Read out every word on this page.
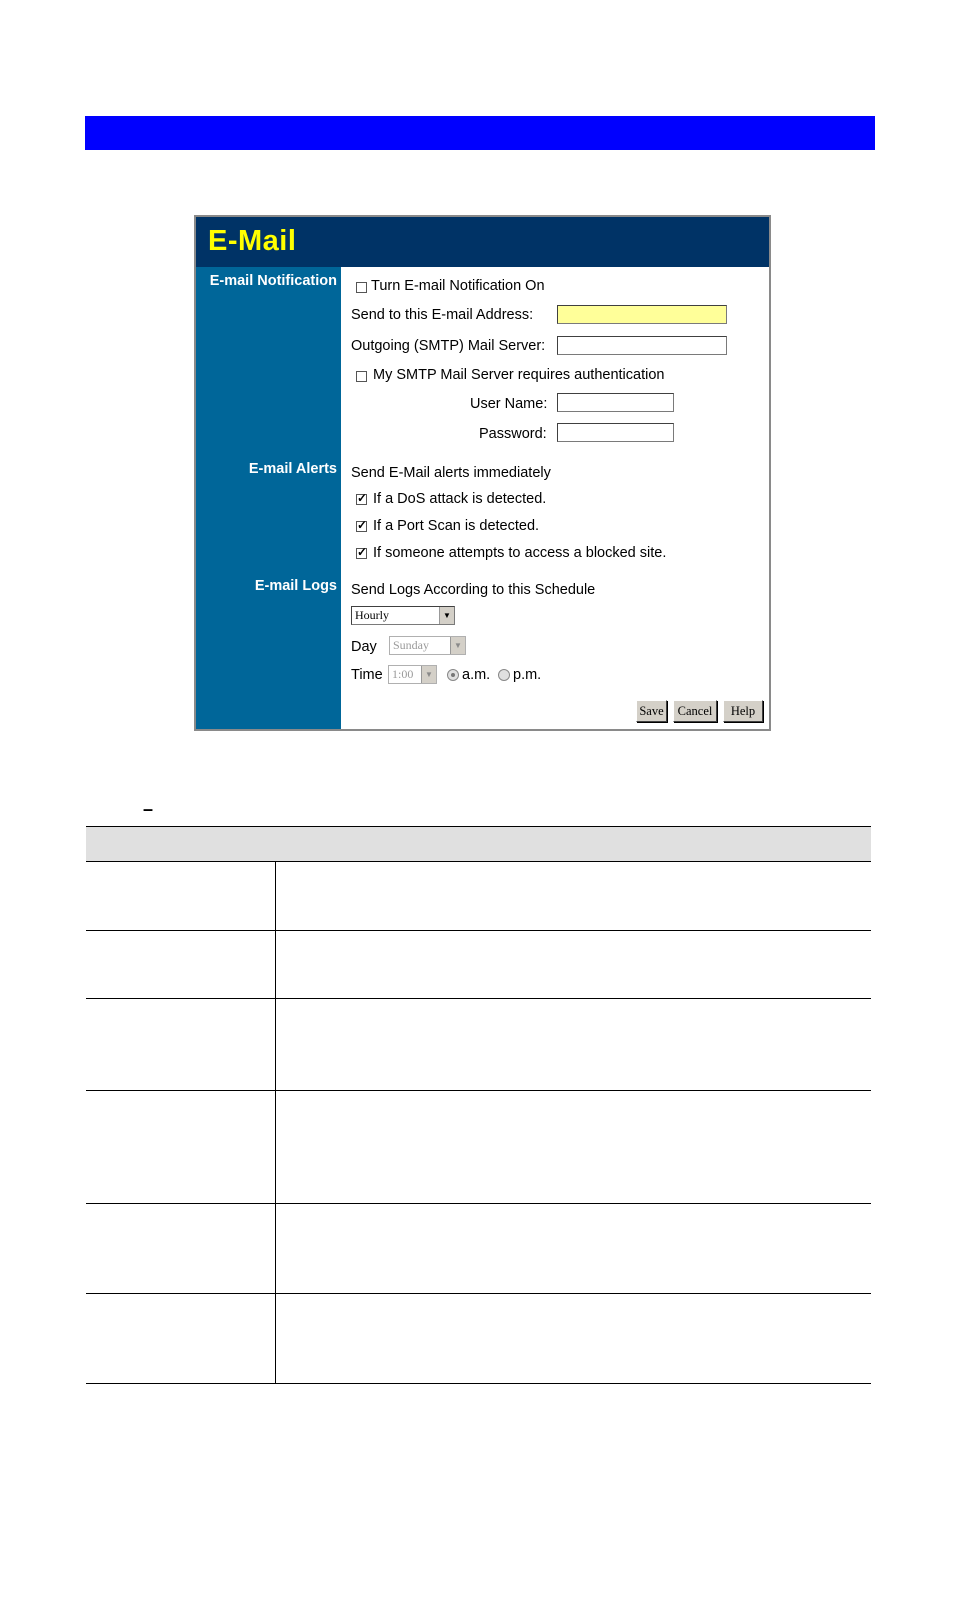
E-Mail
E-mail Notification
E-mail Alerts
E-mail Logs
Turn E-mail Notification On
Send to this E-mail Address:
Outgoing (SMTP) Mail Server:
My SMTP Mail Server requires authentication
User Name:
Password:
Send E-Mail alerts immediately
✓ If a DoS attack is detected.
✓ If a Port Scan is detected.
✓ If someone attempts to access a blocked site.
Send Logs According to this Schedule
Hourly	▼
Day Sunday	▼
Time 1:00	▼ a.m. p.m.
Save	Cancel	Help
–
